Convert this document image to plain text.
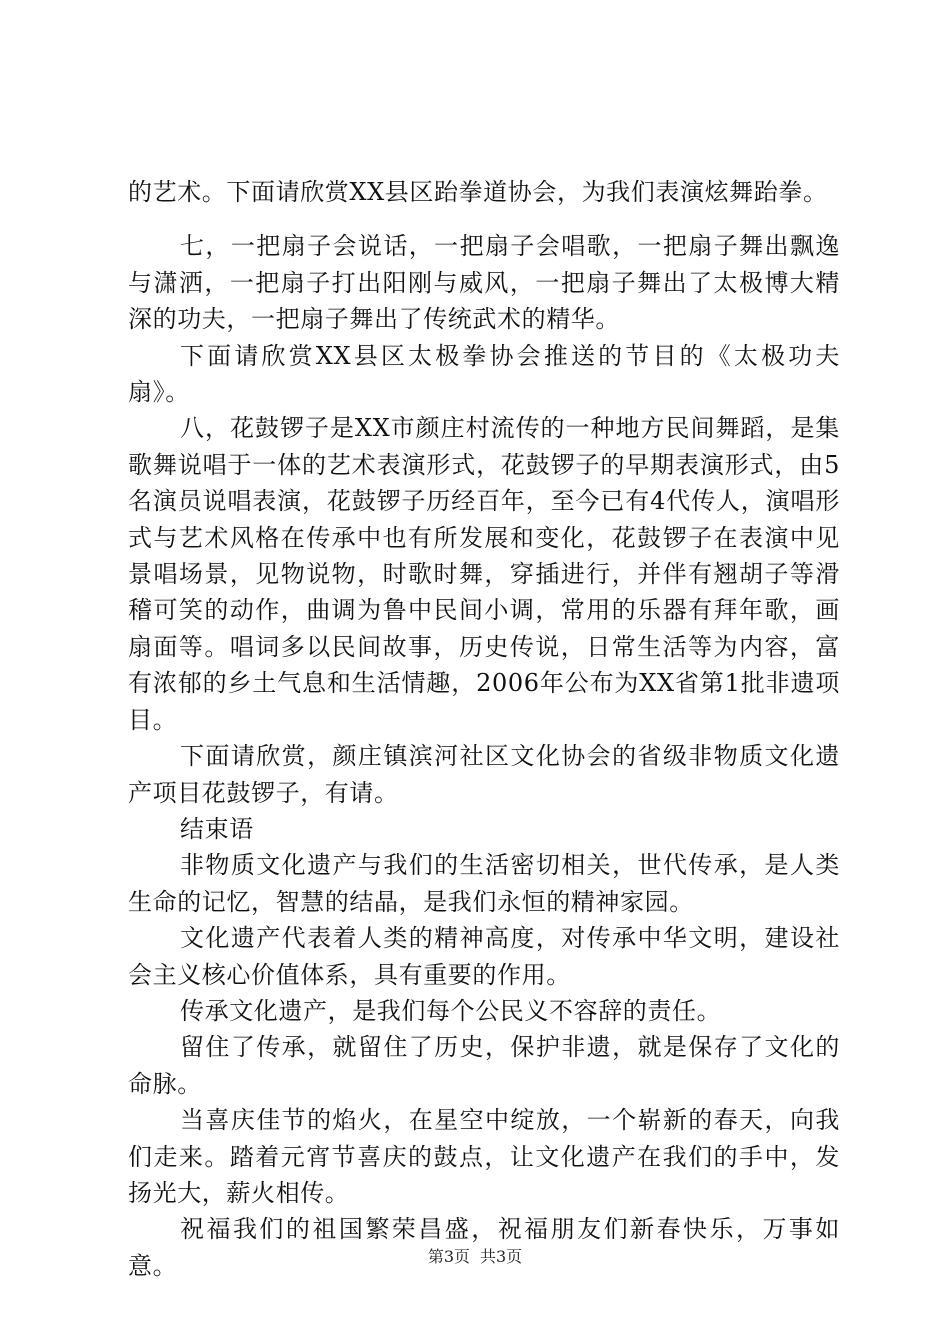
的艺术。下面请欣赏XX县区跆拳道协会，为我们表演炫舞跆拳。

七，一把扇子会说话，一把扇子会唱歌，一把扇子舞出飘逸与潇洒，一把扇子打出阳刚与威风，一把扇子舞出了太极博大精深的功夫，一把扇子舞出了传统武术的精华。

下面请欣赏XX县区太极拳协会推送的节目的《太极功夫扇》。

八，花鼓锣子是XX市颜庄村流传的一种地方民间舞蹈，是集歌舞说唱于一体的艺术表演形式，花鼓锣子的早期表演形式，由5名演员说唱表演，花鼓锣子历经百年，至今已有4代传人，演唱形式与艺术风格在传承中也有所发展和变化，花鼓锣子在表演中见景唱场景，见物说物，时歌时舞，穿插进行，并伴有翘胡子等滑稽可笑的动作，曲调为鲁中民间小调，常用的乐器有拜年歌，画扇面等。唱词多以民间故事，历史传说，日常生活等为内容，富有浓郁的乡土气息和生活情趣，2006年公布为XX省第1批非遗项目。

下面请欣赏，颜庄镇滨河社区文化协会的省级非物质文化遗产项目花鼓锣子，有请。

结束语

非物质文化遗产与我们的生活密切相关，世代传承，是人类生命的记忆，智慧的结晶，是我们永恒的精神家园。

文化遗产代表着人类的精神高度，对传承中华文明，建设社会主义核心价值体系，具有重要的作用。

传承文化遗产，是我们每个公民义不容辞的责任。

留住了传承，就留住了历史，保护非遗，就是保存了文化的命脉。

当喜庆佳节的焰火，在星空中绽放，一个崭新的春天，向我们走来。踏着元宵节喜庆的鼓点，让文化遗产在我们的手中，发扬光大，薪火相传。

祝福我们的祖国繁荣昌盛，祝福朋友们新春快乐，万事如意。	第3页 共3页
